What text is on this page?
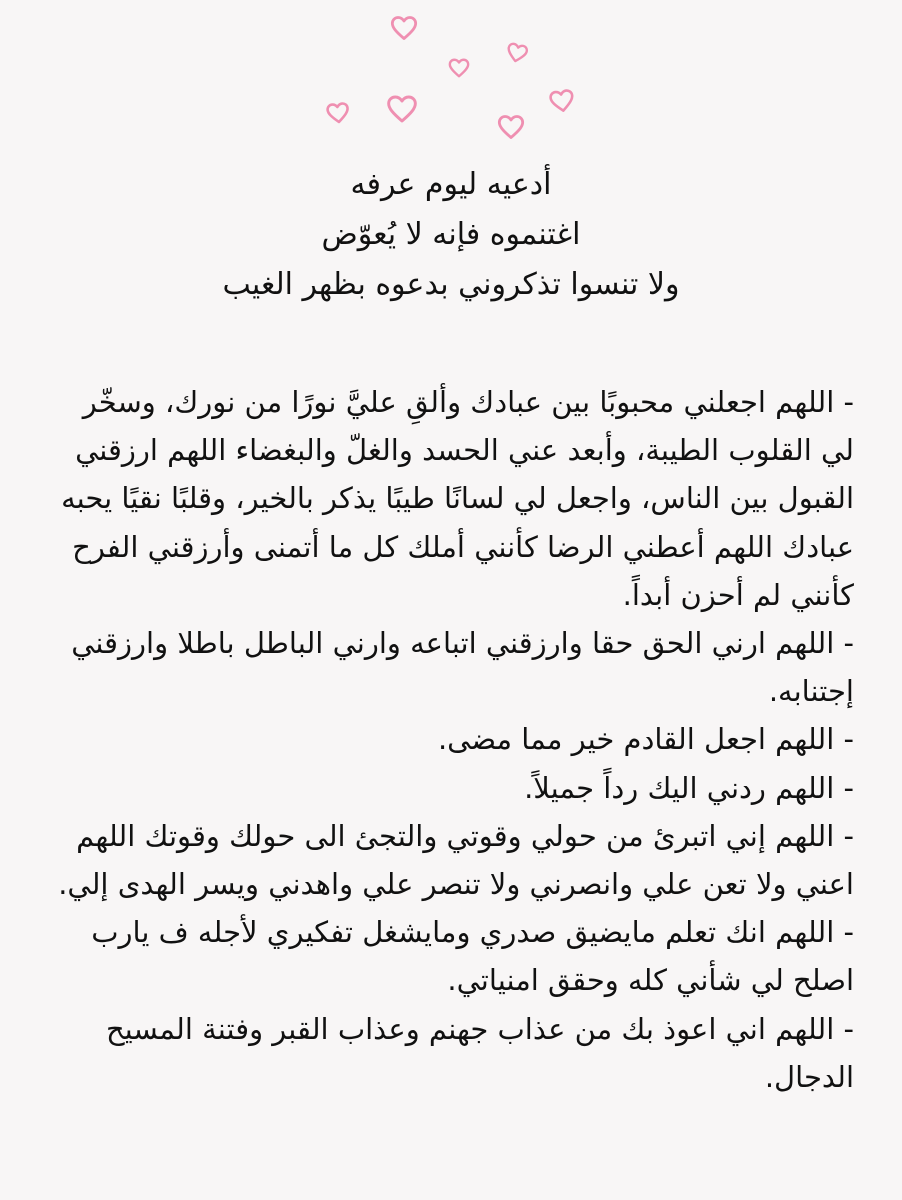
أدعيه ليوم عرفه
اغتنموه فإنه لا يُعوّض
ولا تنسوا تذكروني بدعوه بظهر الغيب

- اللهم اجعلني محبوبًا بين عبادك وألقِ عليَّ نورًا من نورك، وسخّر لي القلوب الطيبة، وأبعد عني الحسد والغلّ والبغضاء اللهم ارزقني القبول بين الناس، واجعل لي لسانًا طيبًا يذكر بالخير، وقلبًا نقيًا يحبه عبادك اللهم أعطني الرضا كأنني أملك كل ما أتمنى وأرزقني الفرح كأنني لم أحزن أبداً.

- اللهم ارني الحق حقا وارزقني اتباعه وارني الباطل باطلا وارزقني إجتنابه.

- اللهم اجعل القادم خير مما مضى.

- اللهم ردني اليك رداً جميلاً.

- اللهم إني اتبرئ من حولي وقوتي والتجئ الى حولك وقوتك اللهم اعني ولا تعن علي وانصرني ولا تنصر علي واهدني ويسر الهدى إلي.

- اللهم انك تعلم مايضيق صدري ومايشغل تفكيري لأجله ف يارب اصلح لي شأني كله وحقق امنياتي.

- اللهم اني اعوذ بك من عذاب جهنم وعذاب القبر وفتنة المسيح الدجال.
